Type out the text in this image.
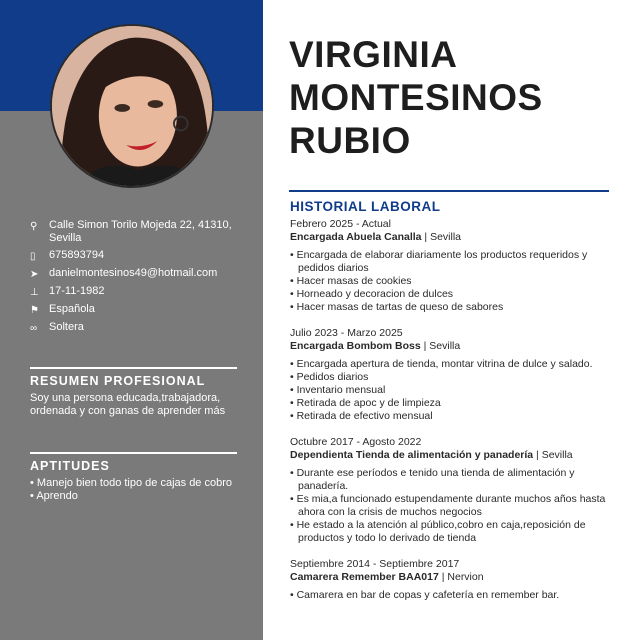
⚲	Calle Simon Torilo Mojeda 22, 41310, Sevilla
▯	675893794
➤ danielmontesinos49@hotmail.com
⊥ 17-11-1982
⚑ Española
∞	Soltera
RESUMEN PROFESIONAL
Soy una persona educada,trabajadora, ordenada y con ganas de aprender más
APTITUDES
• Manejo bien todo tipo de cajas de cobro
• Aprendo
VIRGINIA
MONTESINOS
RUBIO
HISTORIAL LABORAL
Febrero 2025 - Actual
Encargada Abuela Canalla | Sevilla
• Encargada de elaborar diariamente los productos requeridos y pedidos diarios
• Hacer masas de cookies
• Horneado y decoracion de dulces
• Hacer masas de tartas de queso de sabores
Julio 2023 - Marzo 2025
Encargada Bombom Boss | Sevilla
• Encargada apertura de tienda, montar vitrina de dulce y salado.
• Pedidos diarios
• Inventario mensual
• Retirada de apoc y de limpieza
• Retirada de efectivo mensual
Octubre 2017 - Agosto 2022
Dependienta Tienda de alimentación y panadería | Sevilla
• Durante ese períodos e tenido una tienda de alimentación y panadería.
• Es mia,a funcionado estupendamente durante muchos años hasta ahora con la crisis de muchos negocios
• He estado a la atención al público,cobro en caja,reposición de productos y todo lo derivado de tienda
Septiembre 2014 - Septiembre 2017
Camarera Remember BAA017 | Nervion
• Camarera en bar de copas y cafetería en remember bar.
